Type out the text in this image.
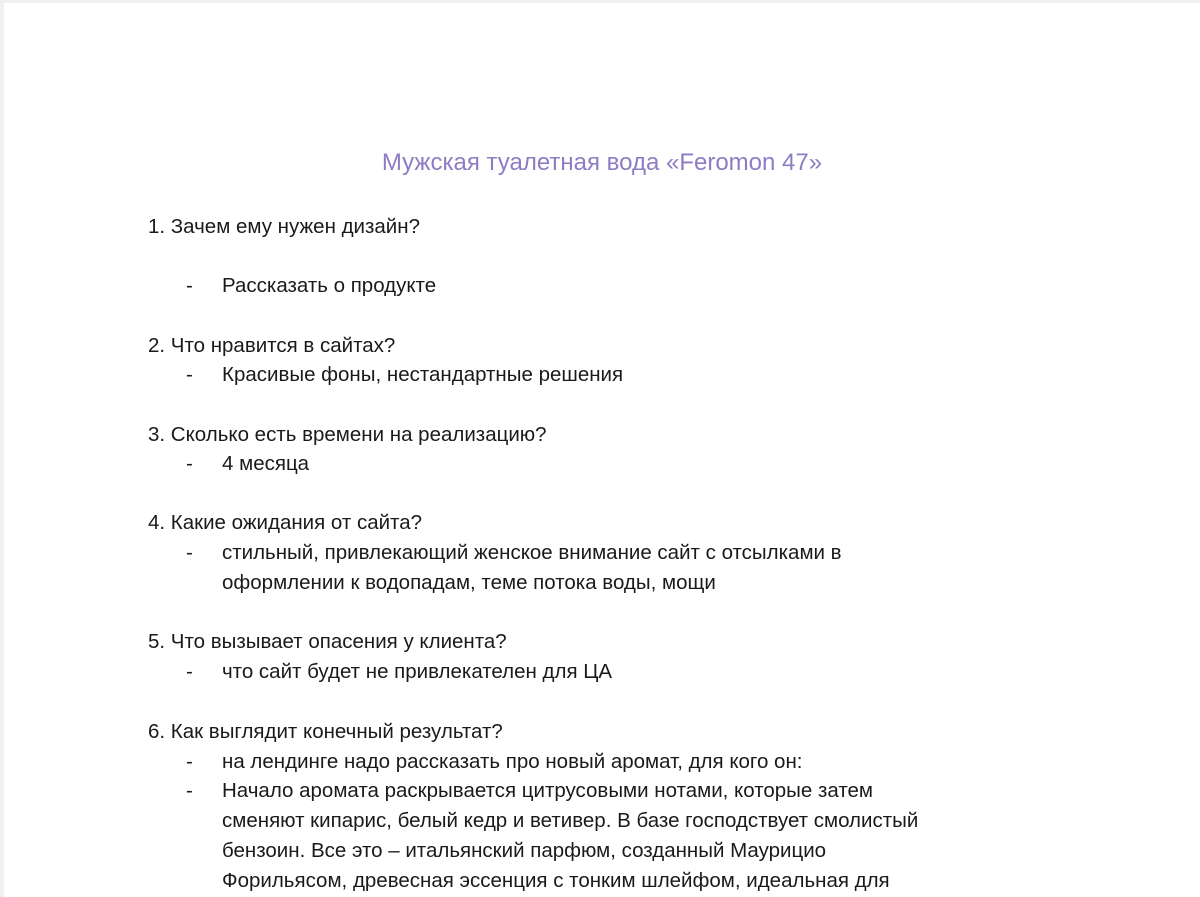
Мужская туалетная вода «Feromon 47»
1. Зачем ему нужен дизайн?
- Рассказать о продукте
2. Что нравится в сайтах?
- Красивые фоны, нестандартные решения
3. Сколько есть времени на реализацию?
- 4 месяца
4. Какие ожидания от сайта?
- стильный, привлекающий женское внимание сайт с отсылками в
оформлении к водопадам, теме потока воды, мощи
5. Что вызывает опасения у клиента?
- что сайт будет не привлекателен для ЦА
6. Как выглядит конечный результат?
- на лендинге надо рассказать про новый аромат, для кого он:
- Начало аромата раскрывается цитрусовыми нотами, которые затем
сменяют кипарис, белый кедр и ветивер. В базе господствует смолистый
бензоин. Все это – итальянский парфюм, созданный Маурицио
Форильясом, древесная эссенция с тонким шлейфом, идеальная для
